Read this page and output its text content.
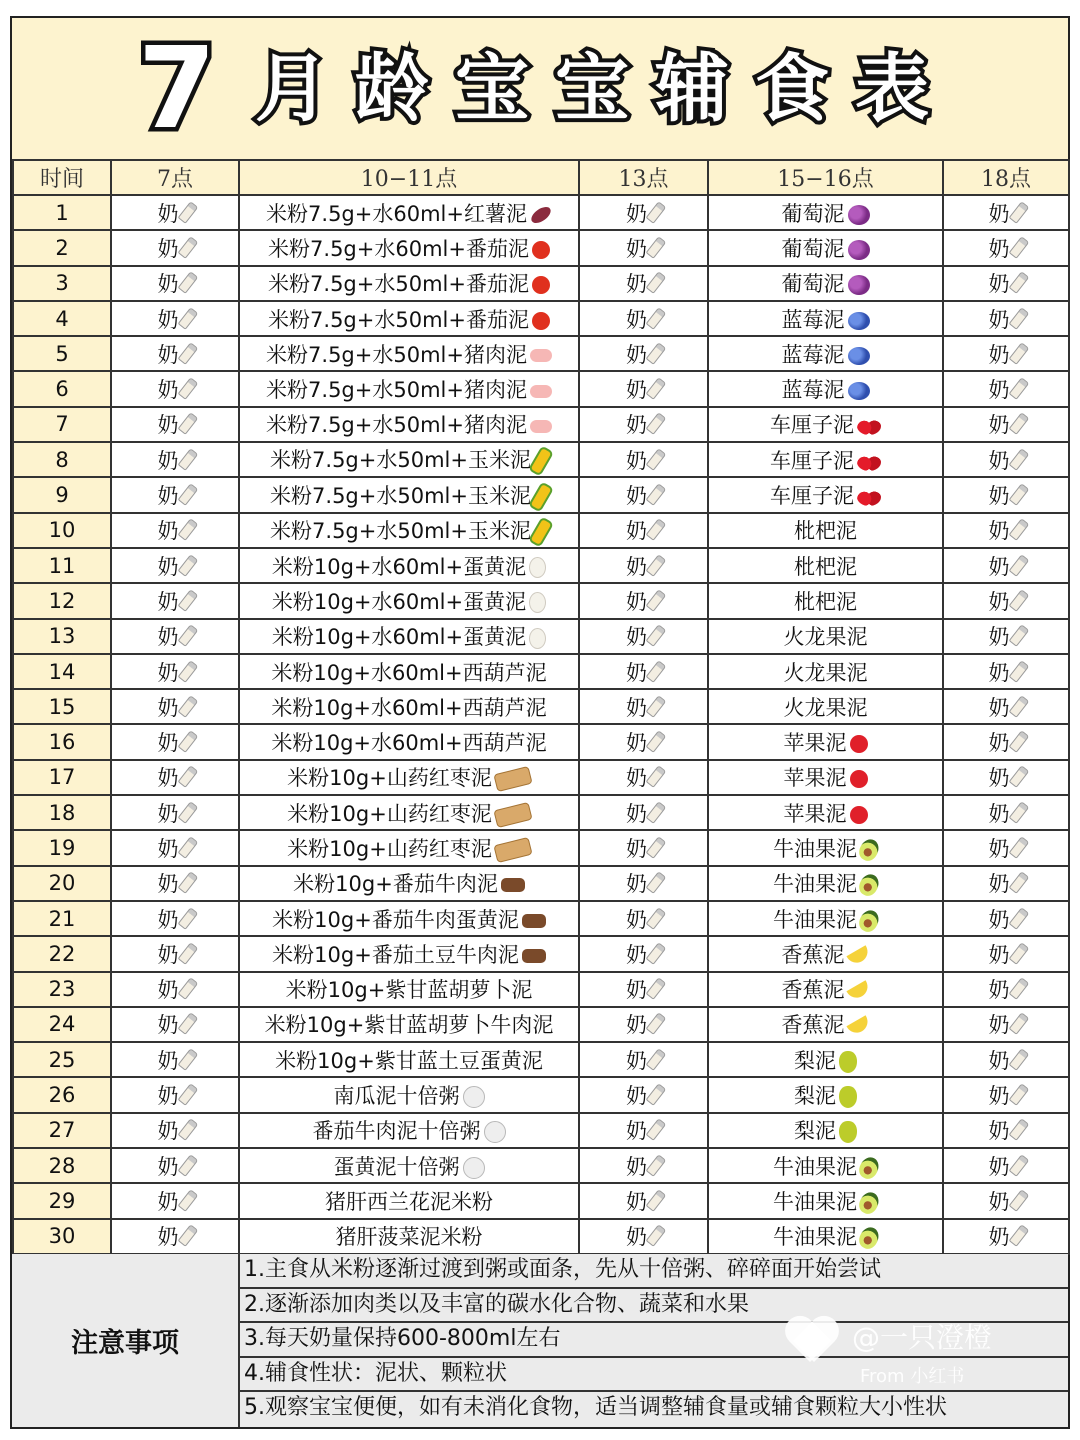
7 月 龄 宝 宝 辅 食 表
时间	7点	10−11点	13点	15−16点	18点
1	奶	米粉7.5g+水60ml+红薯泥	奶	葡萄泥	奶
2	奶	米粉7.5g+水60ml+番茄泥	奶	葡萄泥	奶
3	奶	米粉7.5g+水50ml+番茄泥	奶	葡萄泥	奶
4	奶	米粉7.5g+水50ml+番茄泥	奶	蓝莓泥	奶
5	奶	米粉7.5g+水50ml+猪肉泥	奶	蓝莓泥	奶
6	奶	米粉7.5g+水50ml+猪肉泥	奶	蓝莓泥	奶
7	奶	米粉7.5g+水50ml+猪肉泥	奶	车厘子泥	奶
8	奶	米粉7.5g+水50ml+玉米泥	奶	车厘子泥	奶
9	奶	米粉7.5g+水50ml+玉米泥	奶	车厘子泥	奶
10	奶	米粉7.5g+水50ml+玉米泥	奶	枇杷泥	奶
11	奶	米粉10g+水60ml+蛋黄泥	奶	枇杷泥	奶
12	奶	米粉10g+水60ml+蛋黄泥	奶	枇杷泥	奶
13	奶	米粉10g+水60ml+蛋黄泥	奶	火龙果泥	奶
14	奶	米粉10g+水60ml+西葫芦泥	奶	火龙果泥	奶
15	奶	米粉10g+水60ml+西葫芦泥	奶	火龙果泥	奶
16	奶	米粉10g+水60ml+西葫芦泥	奶	苹果泥	奶
17	奶	米粉10g+山药红枣泥	奶	苹果泥	奶
18	奶	米粉10g+山药红枣泥	奶	苹果泥	奶
19	奶	米粉10g+山药红枣泥	奶	牛油果泥	奶
20	奶	米粉10g+番茄牛肉泥	奶	牛油果泥	奶
21	奶	米粉10g+番茄牛肉蛋黄泥	奶	牛油果泥	奶
22	奶	米粉10g+番茄土豆牛肉泥	奶	香蕉泥	奶
23	奶	米粉10g+紫甘蓝胡萝卜泥	奶	香蕉泥	奶
24	奶	米粉10g+紫甘蓝胡萝卜牛肉泥	奶	香蕉泥	奶
25	奶	米粉10g+紫甘蓝土豆蛋黄泥	奶	梨泥	奶
26	奶	南瓜泥十倍粥	奶	梨泥	奶
27	奶	番茄牛肉泥十倍粥	奶	梨泥	奶
28	奶	蛋黄泥十倍粥	奶	牛油果泥	奶
29	奶	猪肝西兰花泥米粉	奶	牛油果泥	奶
30	奶	猪肝菠菜泥米粉	奶	牛油果泥	奶
注意事项
1.主食从米粉逐渐过渡到粥或面条，先从十倍粥、碎碎面开始尝试
2.逐渐添加肉类以及丰富的碳水化合物、蔬菜和水果
3.每天奶量保持600-800ml左右
4.辅食性状：泥状、颗粒状
5.观察宝宝便便，如有未消化食物，适当调整辅食量或辅食颗粒大小性状
@一只澄橙
From 小红书
